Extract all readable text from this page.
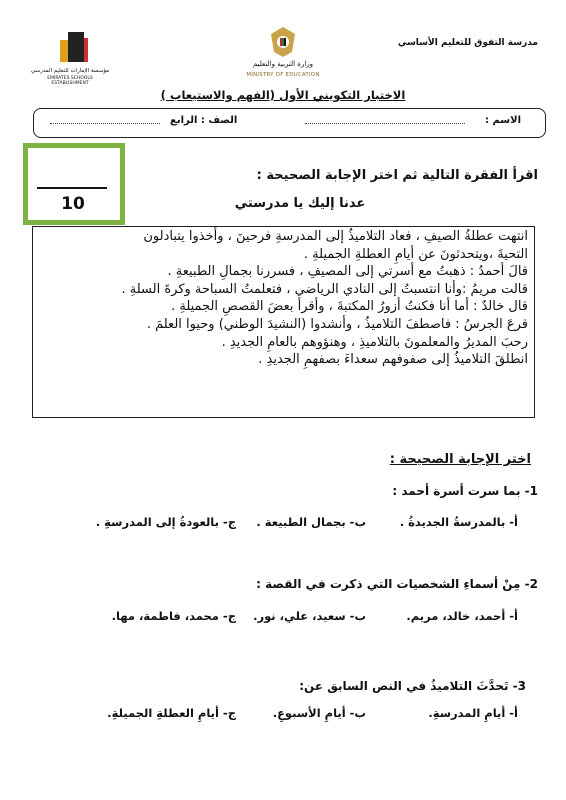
مدرسة التفوق للتعليم الأساسي
وزارة التربية والتعليم
MINISTRY OF EDUCATION
مؤسسة الإمارات للتعليم المدرسي
EMIRATES SCHOOLS ESTABLISHMENT
الاختبار التكويني الأول (الفهم والاستيعاب )
الاسم :
الصف : الرابع
10
اقرأ الفقرة التالية ثم اختر الإجابة الصحيحة :
عدنا إليك يا مدرستي
انتهت عطلةُ الصيفِ ، فعاد التلاميذُ إلى المدرسةِ فرحينَ ، وأخذوا يتبادلون
التحيةَ ،ويتحدثونَ عن أيامِ العطلةِ الجميلةِ .
قالَ أحمدُ : ذهبتُ مع أسرتي إلى المصيفِ ، فسررنا بجمالِ الطبيعةِ .
قالت مريمُ :وأنا انتسبتُ إلى النادي الرياضي ، فتعلمتُ السباحة وكرةَ السلةِ .
قال خالدٌ : أما أنا فكنتُ أزورُ المكتبةَ ، وأقرأ بعضَ القصصِ الجميلةِ .
قرعَ الجرسُ : فاصطفَ التلاميذُ ، وأنشدوا (النشيدَ الوطني) وحيوا العلمَ .
رحبَ المديرُ والمعلمونَ بالتلاميذِ ، وهنؤوهم بالعامِ الجديدِ .
انطلقَ التلاميذُ إلى صفوفهم سعداءَ بصفهمِ الجديدِ .
اختر الإجابة الصحيحة :
1- بما سرت أسرة أحمد :
أ- بالمدرسةُ الجديدةُ .
ب- بجمال الطبيعة .
ج- بالعودةُ إلى المدرسةِ .
2- مِنْ أسماءِ الشخصيات التي ذكرت في القصة :
أ- أحمد، خالد، مريم.
ب- سعيد، علي، نور.
ج- محمد، فاطمة، مها.
3- تَحدَّثَ التلاميذُ في النص السابق عن:
أ- أيامِ المدرسةِ.
ب- أيامِ الأسبوعِ.
ج- أيامِ العطلةِ الجميلةِ.
